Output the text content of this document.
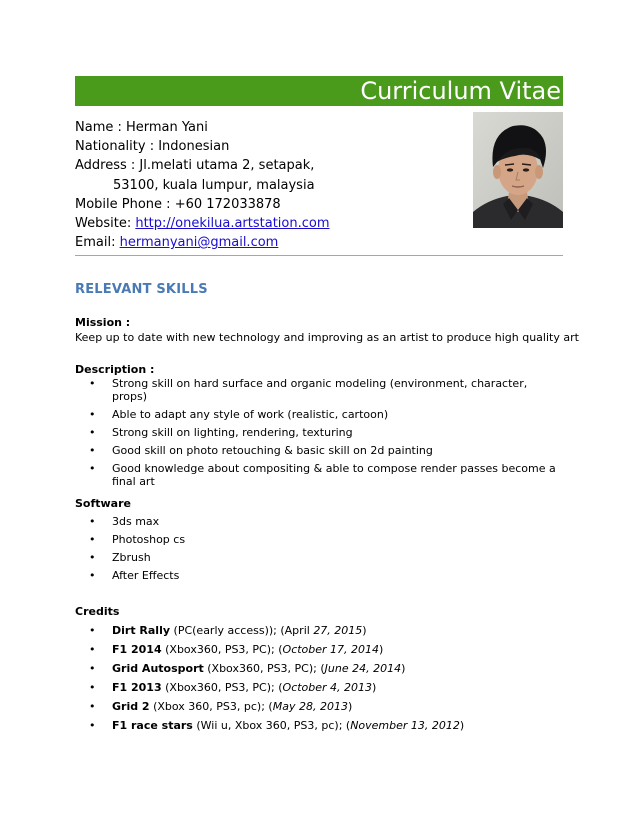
Curriculum Vitae
Name : Herman Yani
Nationality : Indonesian
Address : Jl.melati utama 2, setapak,
53100, kuala lumpur, malaysia
Mobile Phone : +60 172033878
Website: http://onekilua.artstation.com
Email: hermanyani@gmail.com
RELEVANT SKILLS
Mission :
Keep up to date with new technology and improving as an artist to produce high quality art
Description :
• Strong skill on hard surface and organic modeling (environment, character, props)
• Able to adapt any style of work (realistic, cartoon)
• Strong skill on lighting, rendering, texturing
• Good skill on photo retouching & basic skill on 2d painting
• Good knowledge about compositing & able to compose render passes become a final art
Software
• 3ds max
• Photoshop cs
• Zbrush
• After Effects
Credits
• Dirt Rally (PC(early access)); (April 27, 2015)
• F1 2014 (Xbox360, PS3, PC); (October 17, 2014)
• Grid Autosport (Xbox360, PS3, PC); (June 24, 2014)
• F1 2013 (Xbox360, PS3, PC); (October 4, 2013)
• Grid 2 (Xbox 360, PS3, pc); (May 28, 2013)
• F1 race stars (Wii u, Xbox 360, PS3, pc); (November 13, 2012)
